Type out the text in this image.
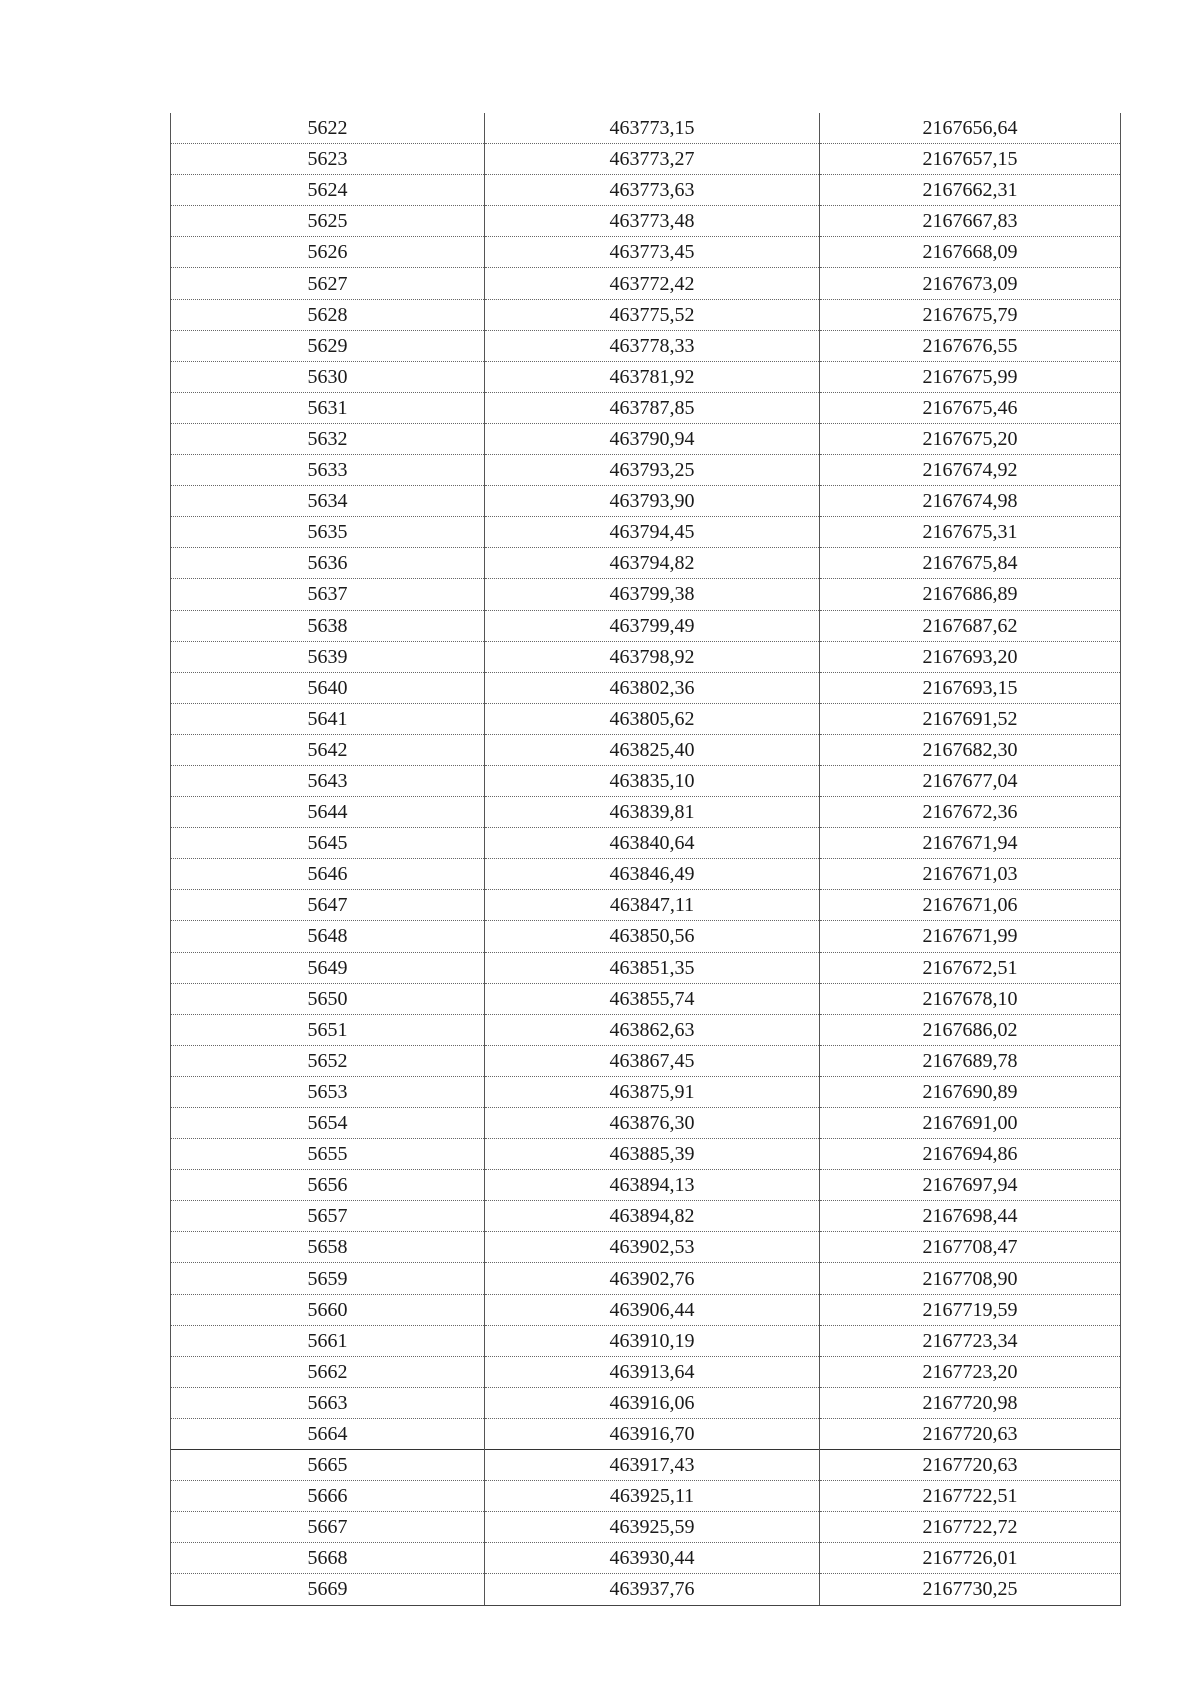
5622	463773,15	2167656,64
5623	463773,27	2167657,15
5624	463773,63	2167662,31
5625	463773,48	2167667,83
5626	463773,45	2167668,09
5627	463772,42	2167673,09
5628	463775,52	2167675,79
5629	463778,33	2167676,55
5630	463781,92	2167675,99
5631	463787,85	2167675,46
5632	463790,94	2167675,20
5633	463793,25	2167674,92
5634	463793,90	2167674,98
5635	463794,45	2167675,31
5636	463794,82	2167675,84
5637	463799,38	2167686,89
5638	463799,49	2167687,62
5639	463798,92	2167693,20
5640	463802,36	2167693,15
5641	463805,62	2167691,52
5642	463825,40	2167682,30
5643	463835,10	2167677,04
5644	463839,81	2167672,36
5645	463840,64	2167671,94
5646	463846,49	2167671,03
5647	463847,11	2167671,06
5648	463850,56	2167671,99
5649	463851,35	2167672,51
5650	463855,74	2167678,10
5651	463862,63	2167686,02
5652	463867,45	2167689,78
5653	463875,91	2167690,89
5654	463876,30	2167691,00
5655	463885,39	2167694,86
5656	463894,13	2167697,94
5657	463894,82	2167698,44
5658	463902,53	2167708,47
5659	463902,76	2167708,90
5660	463906,44	2167719,59
5661	463910,19	2167723,34
5662	463913,64	2167723,20
5663	463916,06	2167720,98
5664	463916,70	2167720,63
5665	463917,43	2167720,63
5666	463925,11	2167722,51
5667	463925,59	2167722,72
5668	463930,44	2167726,01
5669	463937,76	2167730,25
